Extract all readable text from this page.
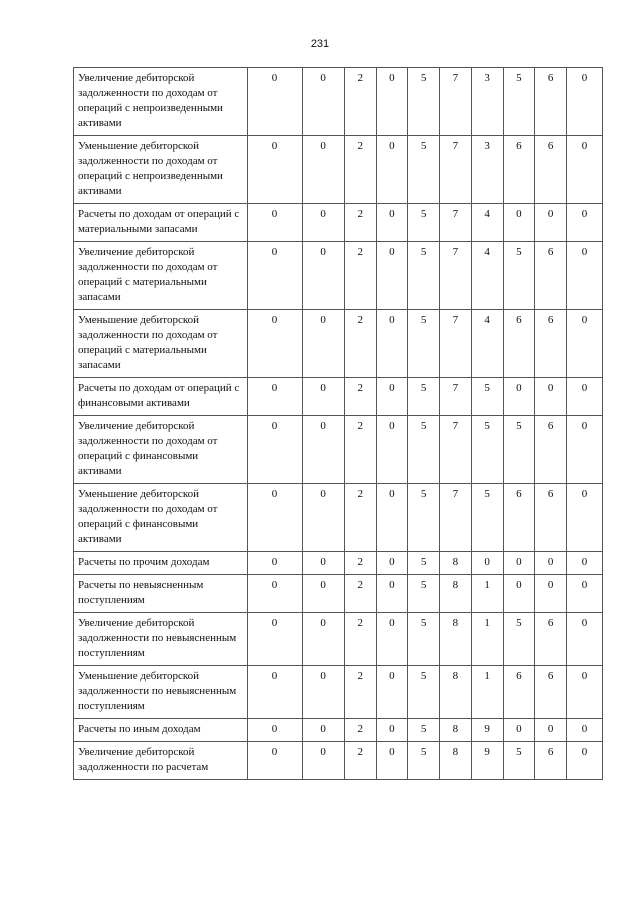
231
Увеличение дебиторской задолженности по доходам от операций с непроизведенными активами	0	0	2	0	5	7	3	5	6	0
Уменьшение дебиторской задолженности по доходам от операций с непроизведенными активами	0	0	2	0	5	7	3	6	6	0
Расчеты по доходам от операций с материальными запасами	0	0	2	0	5	7	4	0	0	0
Увеличение дебиторской задолженности по доходам от операций с материальными запасами	0	0	2	0	5	7	4	5	6	0
Уменьшение дебиторской задолженности по доходам от операций с материальными запасами	0	0	2	0	5	7	4	6	6	0
Расчеты по доходам от операций с финансовыми активами	0	0	2	0	5	7	5	0	0	0
Увеличение дебиторской задолженности по доходам от операций с финансовыми активами	0	0	2	0	5	7	5	5	6	0
Уменьшение дебиторской задолженности по доходам от операций с финансовыми активами	0	0	2	0	5	7	5	6	6	0
Расчеты по прочим доходам	0	0	2	0	5	8	0	0	0	0
Расчеты по невыясненным поступлениям	0	0	2	0	5	8	1	0	0	0
Увеличение дебиторской задолженности по невыясненным поступлениям	0	0	2	0	5	8	1	5	6	0
Уменьшение дебиторской задолженности по невыясненным поступлениям	0	0	2	0	5	8	1	6	6	0
Расчеты по иным доходам	0	0	2	0	5	8	9	0	0	0
Увеличение дебиторской задолженности по расчетам	0	0	2	0	5	8	9	5	6	0
